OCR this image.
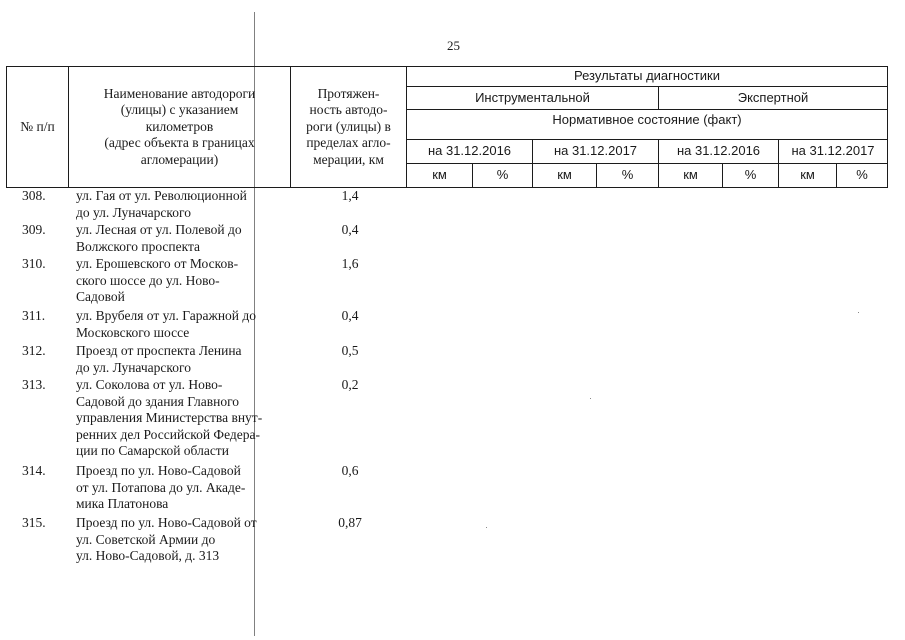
25
№ п/п
Наименование автодороги
(улицы) с указанием
километров
(адрес объекта в границах
агломерации)
Протяжен-
ность автодо-
роги (улицы) в
пределах агло-
мерации, км
Результаты диагностики
Инструментальной	Экспертной
Нормативное состояние (факт)
на 31.12.2016	на 31.12.2017	на 31.12.2016	на 31.12.2017
км	%	км	%	км	%	км	%
308.	ул. Гая от ул. Революционной
до ул. Луначарского
1,4
309.	ул. Лесная от ул. Полевой до
Волжского проспекта
0,4
310.	ул. Ерошевского от Москов-
ского шоссе до ул. Ново-
Садовой
1,6
311.	ул. Врубеля от ул. Гаражной до
Московского шоссе
0,4
312.	Проезд от проспекта Ленина
до ул. Луначарского
0,5
313.	ул. Соколова от ул. Ново-
Садовой до здания Главного
управления Министерства внут-
ренних дел Российской Федера-
ции по Самарской области
0,2
314.	Проезд по ул. Ново-Садовой
от ул. Потапова до ул. Акаде-
мика Платонова
0,6
315.	Проезд по ул. Ново-Садовой от
ул. Советской Армии до
ул. Ново-Садовой, д. 313
0,87
